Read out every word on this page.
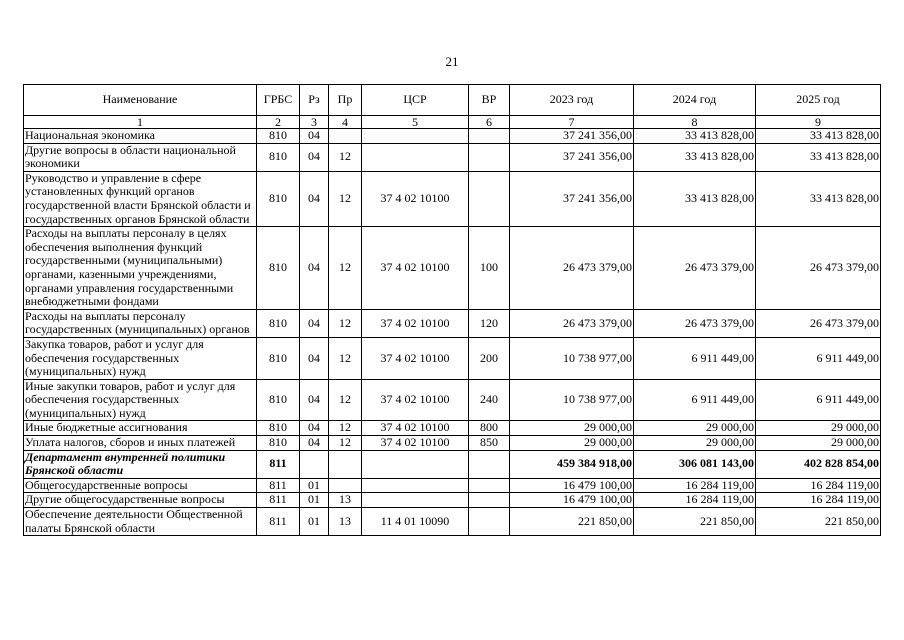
21
Наименование	ГРБС	Рз	Пр	ЦСР	ВР	2023 год	2024 год	2025 год
1	2	3	4	5	6	7	8	9
Национальная экономика	810	04				37 241 356,00	33 413 828,00	33 413 828,00
Другие вопросы в области национальной экономики	810	04	12			37 241 356,00	33 413 828,00	33 413 828,00
Руководство и управление в сфере установленных функций органов государственной власти Брянской области и государственных органов Брянской области	810	04	12	37 4 02 10100		37 241 356,00	33 413 828,00	33 413 828,00
Расходы на выплаты персоналу в целях обеспечения выполнения функций государственными (муниципальными) органами, казенными учреждениями, органами управления государственными внебюджетными фондами	810	04	12	37 4 02 10100	100	26 473 379,00	26 473 379,00	26 473 379,00
Расходы на выплаты персоналу государственных (муниципальных) органов	810	04	12	37 4 02 10100	120	26 473 379,00	26 473 379,00	26 473 379,00
Закупка товаров, работ и услуг для обеспечения государственных (муниципальных) нужд	810	04	12	37 4 02 10100	200	10 738 977,00	6 911 449,00	6 911 449,00
Иные закупки товаров, работ и услуг для обеспечения государственных (муниципальных) нужд	810	04	12	37 4 02 10100	240	10 738 977,00	6 911 449,00	6 911 449,00
Иные бюджетные ассигнования	810	04	12	37 4 02 10100	800	29 000,00	29 000,00	29 000,00
Уплата налогов, сборов и иных платежей	810	04	12	37 4 02 10100	850	29 000,00	29 000,00	29 000,00
Департамент внутренней политики Брянской области	811					459 384 918,00	306 081 143,00	402 828 854,00
Общегосударственные вопросы	811	01				16 479 100,00	16 284 119,00	16 284 119,00
Другие общегосударственные вопросы	811	01	13			16 479 100,00	16 284 119,00	16 284 119,00
Обеспечение деятельности Общественной палаты Брянской области	811	01	13	11 4 01 10090		221 850,00	221 850,00	221 850,00
